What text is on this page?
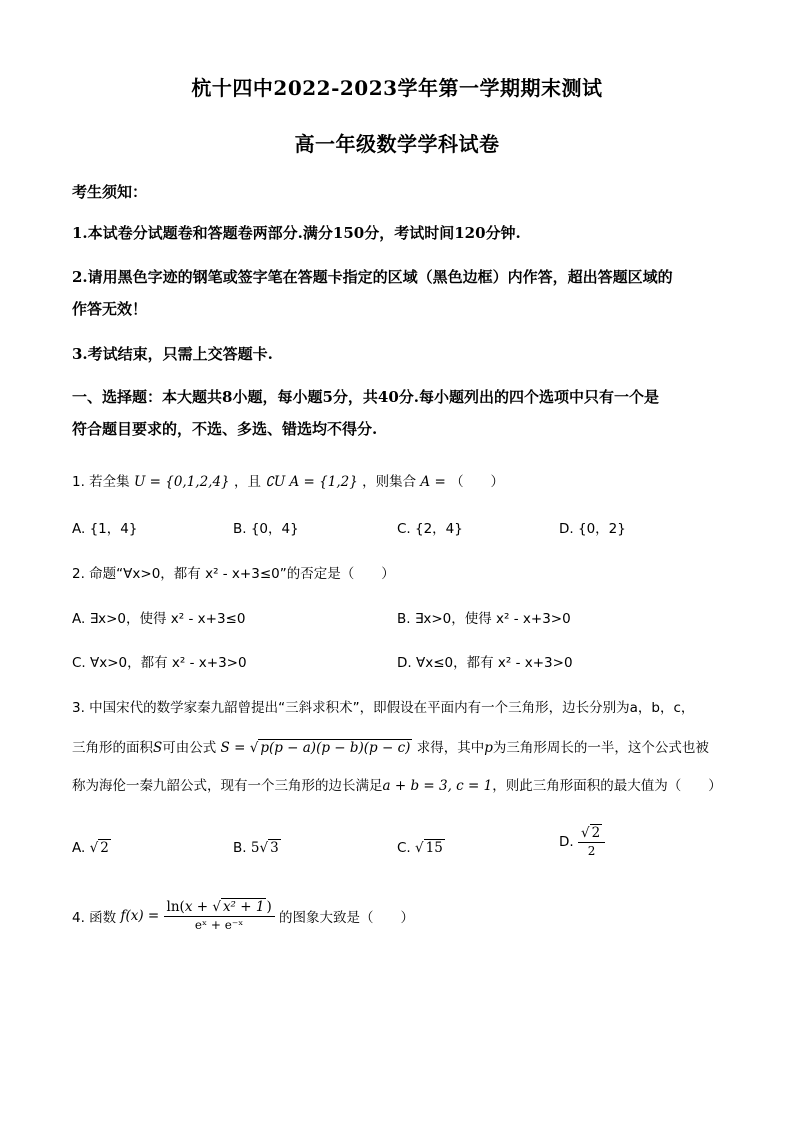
杭十四中2022-2023学年第一学期期末测试
高一年级数学学科试卷
考生须知：
1.本试卷分试题卷和答题卷两部分.满分150分，考试时间120分钟.
2.请用黑色字迹的钢笔或签字笔在答题卡指定的区域（黑色边框）内作答，超出答题区域的
作答无效！
3.考试结束，只需上交答题卡.
一、选择题：本大题共8小题，每小题5分，共40分.每小题列出的四个选项中只有一个是
符合题目要求的，不选、多选、错选均不得分.
1. 若全集 U = {0,1,2,4} ，且 ∁U A = {1,2} ，则集合 A = （　　）
A. {1，4}	B. {0，4}	C. {2，4}	D. {0，2}
2. 命题“∀x>0，都有 x² - x+3≤0”的否定是（　　）
A. ∃x>0，使得 x² - x+3≤0	B. ∃x>0，使得 x² - x+3>0
C. ∀x>0，都有 x² - x+3>0	D. ∀x≤0，都有 x² - x+3>0
3. 中国宋代的数学家秦九韶曾提出“三斜求积术”，即假设在平面内有一个三角形，边长分别为a，b，c，
三角形的面积S可由公式 S = √ p(p − a)(p − b)(p − c) 求得，其中p为三角形周长的一半，这个公式也被
称为海伦一秦九韶公式，现有一个三角形的边长满足a + b = 3, c = 1，则此三角形面积的最大值为（　　）
A. √ 2	B. 5√ 3	C. √ 15	D. $\frac{√ 2}{2}$
4. 函数 $f(x) = \frac{\text{ln(x + √ x² + 1 )}}{\text{eˣ + e⁻ˣ}}$ 的图象大致是（　　）
